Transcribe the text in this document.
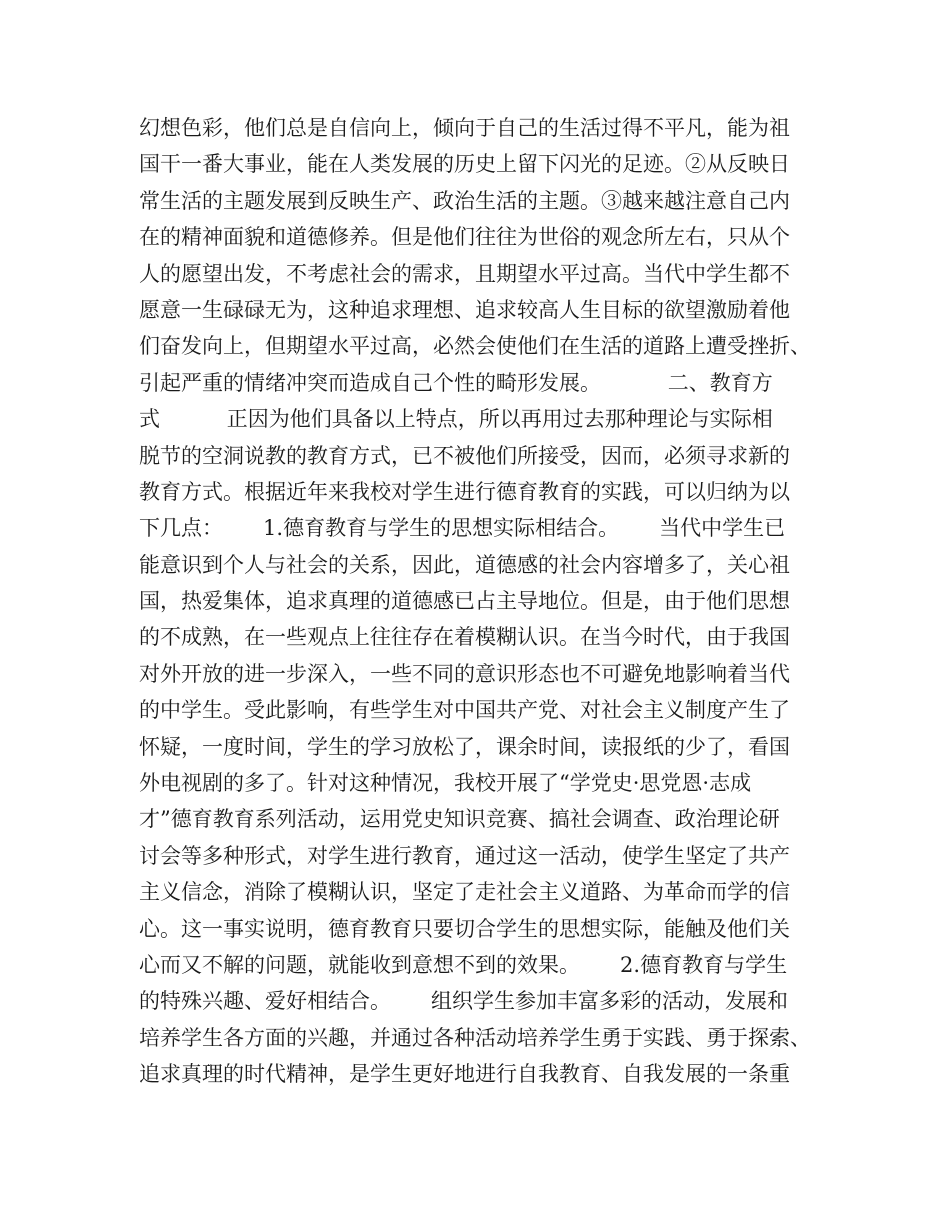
幻想色彩，他们总是自信向上，倾向于自己的生活过得不平凡，能为祖
国干一番大事业，能在人类发展的历史上留下闪光的足迹。②从反映日
常生活的主题发展到反映生产、政治生活的主题。③越来越注意自己内
在的精神面貌和道德修养。但是他们往往为世俗的观念所左右，只从个
人的愿望出发，不考虑社会的需求，且期望水平过高。当代中学生都不
愿意一生碌碌无为，这种追求理想、追求较高人生目标的欲望激励着他
们奋发向上，但期望水平过高，必然会使他们在生活的道路上遭受挫折、
引起严重的情绪冲突而造成自己个性的畸形发展。          二、教育方
式          正因为他们具备以上特点，所以再用过去那种理论与实际相
脱节的空洞说教的教育方式，已不被他们所接受，因而，必须寻求新的
教育方式。根据近年来我校对学生进行德育教育的实践，可以归纳为以
下几点：      1.德育教育与学生的思想实际相结合。      当代中学生已
能意识到个人与社会的关系，因此，道德感的社会内容增多了，关心祖
国，热爱集体，追求真理的道德感已占主导地位。但是，由于他们思想
的不成熟，在一些观点上往往存在着模糊认识。在当今时代，由于我国
对外开放的进一步深入，一些不同的意识形态也不可避免地影响着当代
的中学生。受此影响，有些学生对中国共产党、对社会主义制度产生了
怀疑，一度时间，学生的学习放松了，课余时间，读报纸的少了，看国
外电视剧的多了。针对这种情况，我校开展了“学党史·思党恩·志成
才”德育教育系列活动，运用党史知识竞赛、搞社会调查、政治理论研
讨会等多种形式，对学生进行教育，通过这一活动，使学生坚定了共产
主义信念，消除了模糊认识，坚定了走社会主义道路、为革命而学的信
心。这一事实说明，德育教育只要切合学生的思想实际，能触及他们关
心而又不解的问题，就能收到意想不到的效果。      2.德育教育与学生
的特殊兴趣、爱好相结合。      组织学生参加丰富多彩的活动，发展和
培养学生各方面的兴趣，并通过各种活动培养学生勇于实践、勇于探索、
追求真理的时代精神，是学生更好地进行自我教育、自我发展的一条重
